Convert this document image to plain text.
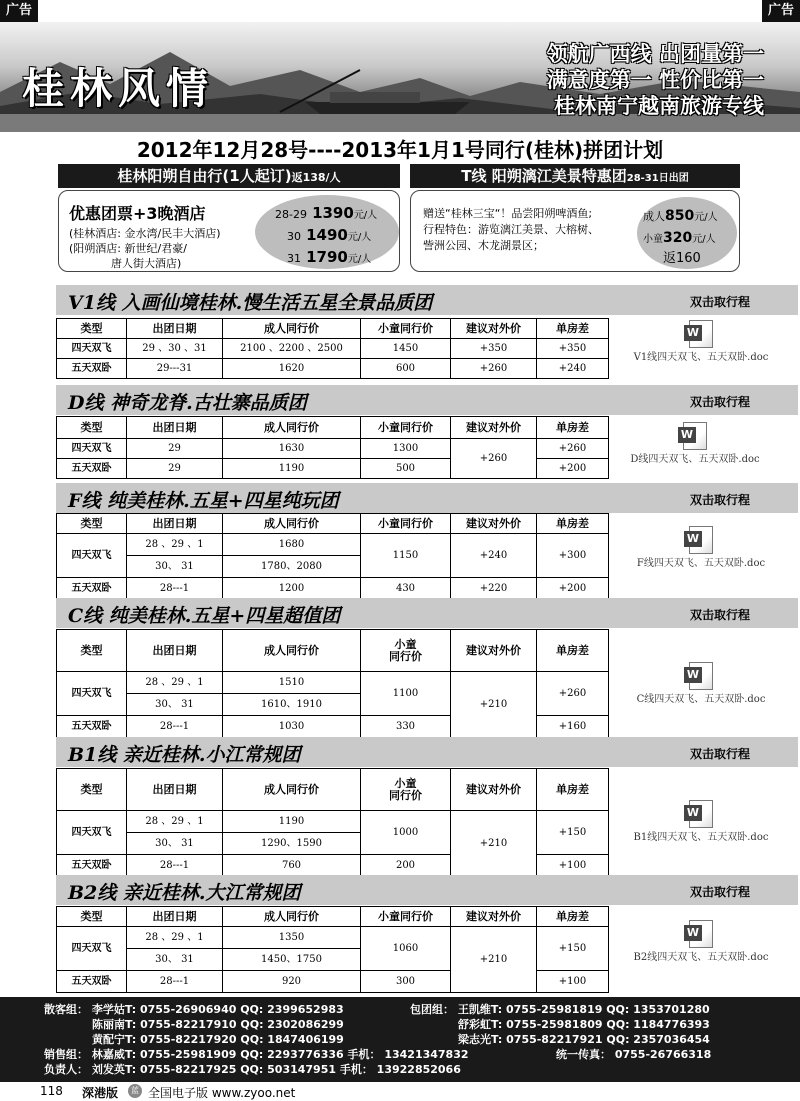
广告	广告
桂林风情
领航广西线 出团量第一
满意度第一 性价比第一
桂林南宁越南旅游专线
2012年12月28号----2013年1月1号同行(桂林)拼团计划
桂林阳朔自由行(1人起订)返138/人
优惠团票+3晚酒店
(桂林酒店: 金水湾/民丰大酒店)
(阳朔酒店: 新世纪/君豪/
唐人街大酒店)
28-29 1390元/人
30 1490元/人
31 1790元/人
T线 阳朔漓江美景特惠团28-31日出团
赠送“桂林三宝“！品尝阳朔啤酒鱼;
行程特色：游览漓江美景、大榕树、
訾洲公园、木龙湖景区；
成人850元/人
小童320元/人
返160
V1线 入画仙境桂林.慢生活五星全景品质团	双击取行程
类型	出团日期	成人同行价	小童同行价	建议对外价	单房差
四天双飞	29 、30 、31	2100 、2200 、2500	1450	+350	+350
五天双卧	29---31	1620	600	+260	+240
W
V1线四天双飞、五天双卧.doc
D线 神奇龙脊.古壮寨品质团	双击取行程
类型	出团日期	成人同行价	小童同行价	建议对外价	单房差
四天双飞	29	1630	1300	+260	+260
五天双卧	29	1190	500		+200
W
D线四天双飞、五天双卧.doc
F线 纯美桂林.五星+四星纯玩团	双击取行程
类型	出团日期	成人同行价	小童同行价	建议对外价	单房差
四天双飞	28 、29 、1	1680	1150	+240	+300
	30、 31	1780、2080			
五天双卧	28---1	1200	430	+220	+200
W
F线四天双飞、五天双卧.doc
C线 纯美桂林.五星+四星超值团	双击取行程
类型	出团日期	成人同行价	小童
同行价	建议对外价	单房差
四天双飞	28 、29 、1	1510	1100	+210	+260
	30、 31	1610、1910			
五天双卧	28---1	1030	330		+160
W
C线四天双飞、五天双卧.doc
B1线 亲近桂林.小江常规团	双击取行程
类型	出团日期	成人同行价	小童
同行价	建议对外价	单房差
四天双飞	28 、29 、1	1190	1000	+210	+150
	30、 31	1290、1590			
五天双卧	28---1	760	200		+100
W
B1线四天双飞、五天双卧.doc
B2线 亲近桂林.大江常规团	双击取行程
类型	出团日期	成人同行价	小童同行价	建议对外价	单房差
四天双飞	28 、29 、1	1350	1060	+210	+150
	30、 31	1450、1750			
五天双卧	28---1	920	300		+100
W
B2线四天双飞、五天双卧.doc
散客组： 李学姑T: 0755-26906940 QQ: 2399652983	包团组： 王凯维T: 0755-25981819 QQ: 1353701280
陈丽南T: 0755-82217910 QQ: 2302086299	舒彩虹T: 0755-25981809 QQ: 1184776393
黄配宁T: 0755-82217920 QQ: 1847406199	梁志光T: 0755-82217921 QQ: 2357036454
销售组： 林嘉威T: 0755-25981909 QQ: 2293776336 手机： 13421347832	统一传真： 0755-26766318
负责人： 刘发英T: 0755-82217925 QQ: 503147951 手机： 13922852066
118 深港版	蓝 全国电子版 www.zyoo.net
